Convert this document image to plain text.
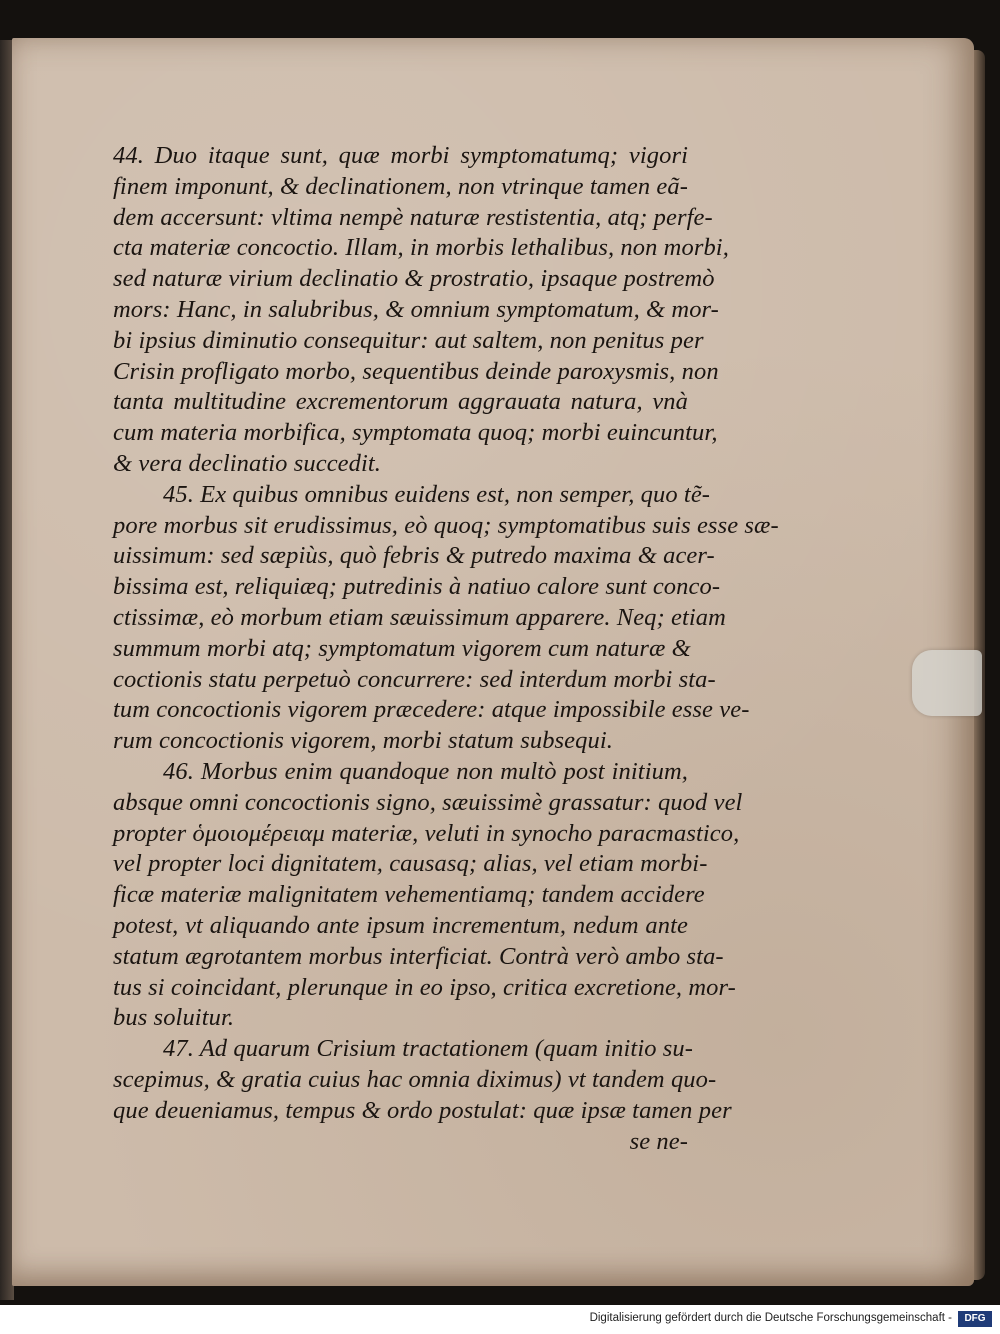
44. Duo itaque sunt, quæ morbi symptomatumq; vigori
finem imponunt, & declinationem, non vtrinque tamen eã-
dem accersunt: vltima nempè naturæ restistentia, atq; perfe-
cta materiæ concoctio. Illam, in morbis lethalibus, non morbi,
sed naturæ virium declinatio & prostratio, ipsaque postremò
mors: Hanc, in salubribus, & omnium symptomatum, & mor-
bi ipsius diminutio consequitur: aut saltem, non penitus per
Crisin profligato morbo, sequentibus deinde paroxysmis, non
tanta multitudine excrementorum aggrauata natura, vnà
cum materia morbifica, symptomata quoq; morbi euincuntur,
& vera declinatio succedit.
45. Ex quibus omnibus euidens est, non semper, quo tẽ-
pore morbus sit erudissimus, eò quoq; symptomatibus suis esse sæ-
uissimum: sed sæpiùs, quò febris & putredo maxima & acer-
bissima est, reliquiæq; putredinis à natiuo calore sunt conco-
ctissimæ, eò morbum etiam sæuissimum apparere. Neq; etiam
summum morbi atq; symptomatum vigorem cum naturæ &
coctionis statu perpetuò concurrere: sed interdum morbi sta-
tum concoctionis vigorem præcedere: atque impossibile esse ve-
rum concoctionis vigorem, morbi statum subsequi.
46. Morbus enim quandoque non multò post initium,
absque omni concoctionis signo, sæuissimè grassatur: quod vel
propter ὁμοιομέρειαμ materiæ, veluti in synocho paracmastico,
vel propter loci dignitatem, causasq; alias, vel etiam morbi-
ficæ materiæ malignitatem vehementiamq; tandem accidere
potest, vt aliquando ante ipsum incrementum, nedum ante
statum ægrotantem morbus interficiat. Contrà verò ambo sta-
tus si coincidant, plerunque in eo ipso, critica excretione, mor-
bus soluitur.
47. Ad quarum Crisium tractationem (quam initio su-
scepimus, & gratia cuius hac omnia diximus) vt tandem quo-
que deueniamus, tempus & ordo postulat: quæ ipsæ tamen per
se ne-
Digitalisierung gefördert durch die Deutsche Forschungsgemeinschaft -	DFG
